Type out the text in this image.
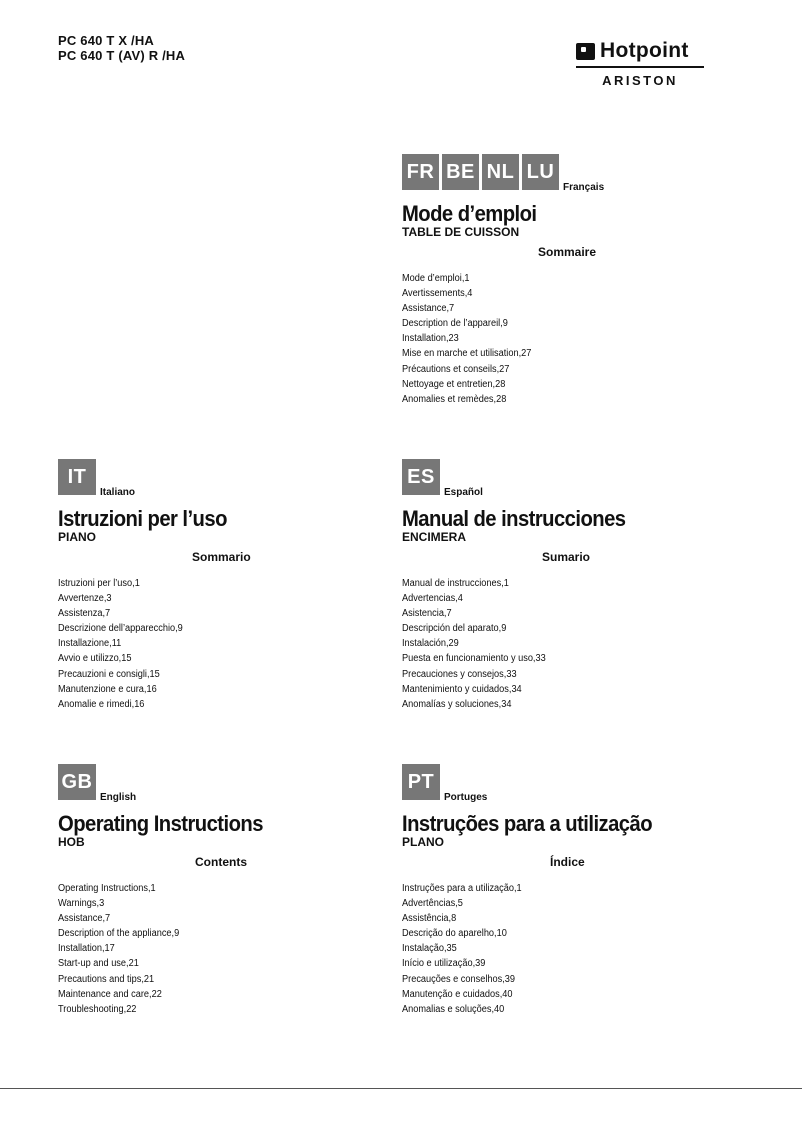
PC 640 T X /HA
PC 640 T (AV) R /HA	Hotpoint
ARISTON
FR BE NL LU
Français
Mode d’emploi
TABLE DE CUISSON
Sommaire
Mode d’emploi,1
Avertissements,4
Assistance,7
Description de l’appareil,9
Installation,23
Mise en marche et utilisation,27
Précautions et conseils,27
Nettoyage et entretien,28
Anomalies et remèdes,28
IT
Italiano
Istruzioni per l’uso
PIANO
Sommario
Istruzioni per l’uso,1
Avvertenze,3
Assistenza,7
Descrizione dell’apparecchio,9
Installazione,11
Avvio e utilizzo,15
Precauzioni e consigli,15
Manutenzione e cura,16
Anomalie e rimedi,16
ES
Español
Manual de instrucciones
ENCIMERA
Sumario
Manual de instrucciones,1
Advertencias,4
Asistencia,7
Descripción del aparato,9
Instalación,29
Puesta en funcionamiento y uso,33
Precauciones y consejos,33
Mantenimiento y cuidados,34
Anomalías y soluciones,34
GB
English
Operating Instructions
HOB
Contents
Operating Instructions,1
Warnings,3
Assistance,7
Description of the appliance,9
Installation,17
Start-up and use,21
Precautions and tips,21
Maintenance and care,22
Troubleshooting,22
PT
Portuges
Instruções para a utilização
PLANO
Índice
Instruções para a utilização,1
Advertências,5
Assistência,8
Descrição do aparelho,10
Instalação,35
Início e utilização,39
Precauções e conselhos,39
Manutenção e cuidados,40
Anomalias e soluções,40
